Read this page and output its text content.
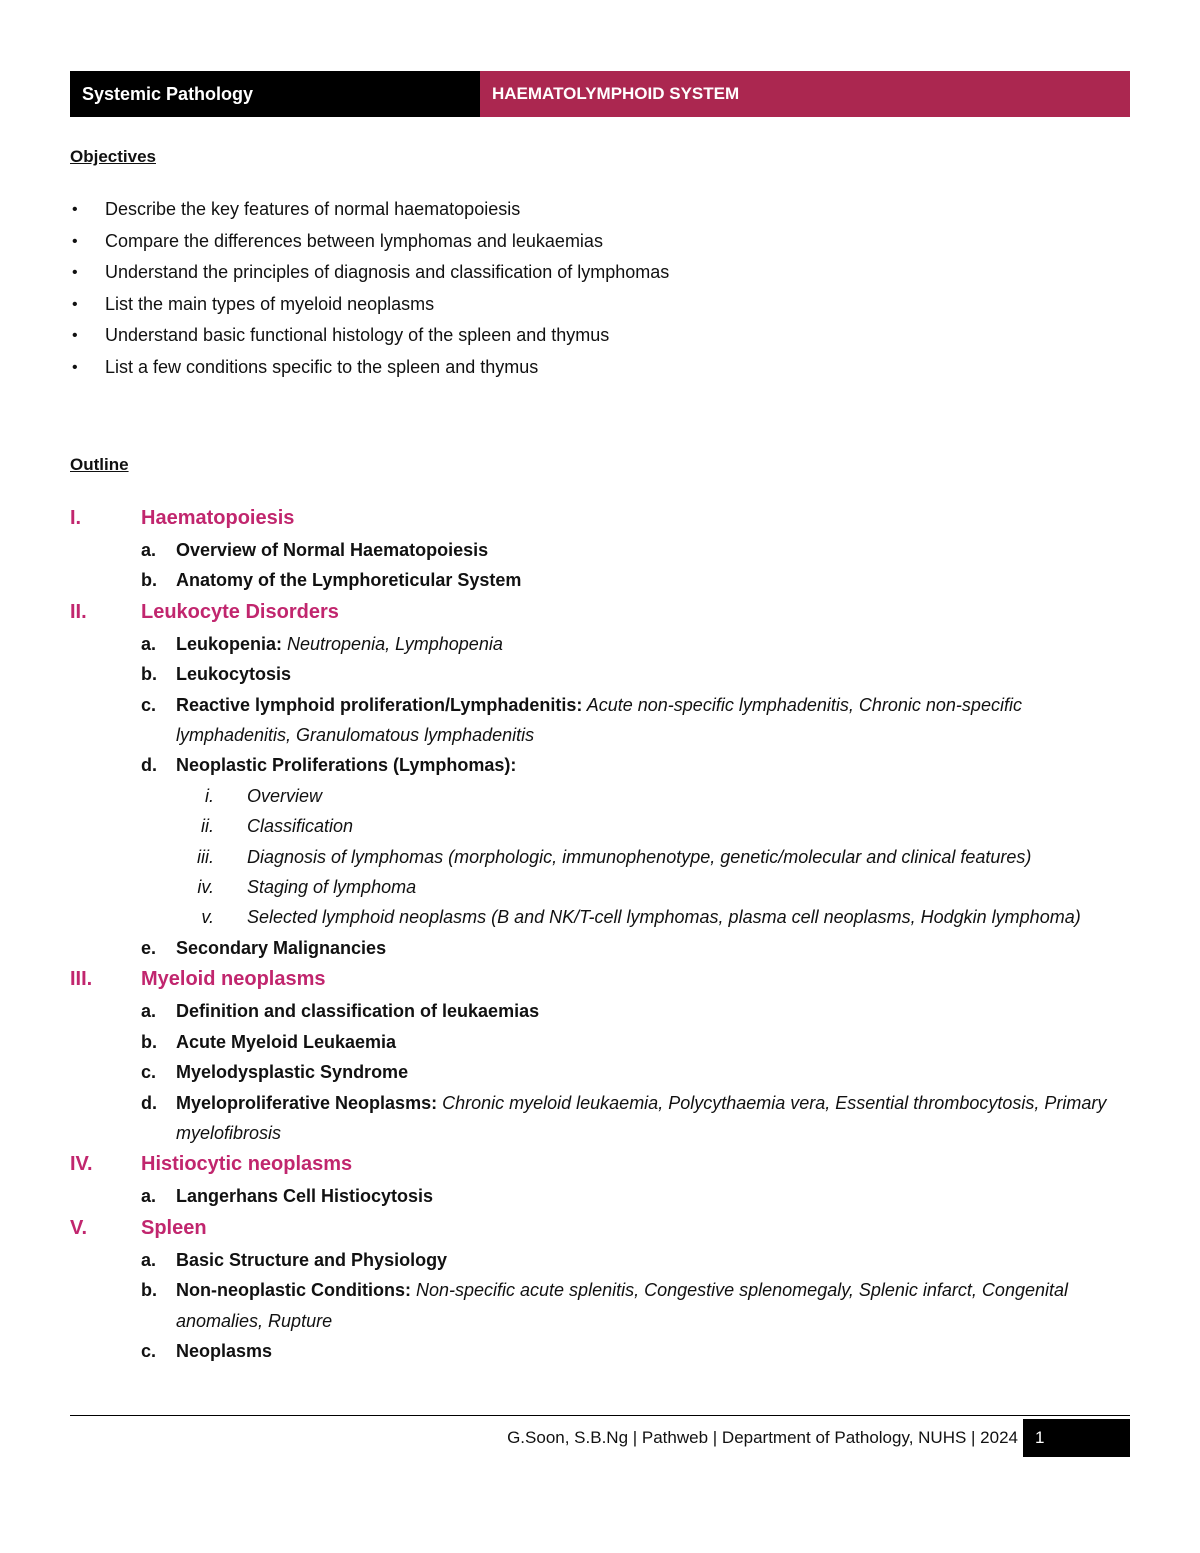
Systemic Pathology	HAEMATOLYMPHOID SYSTEM
Objectives
• Describe the key features of normal haematopoiesis
• Compare the differences between lymphomas and leukaemias
• Understand the principles of diagnosis and classification of lymphomas
• List the main types of myeloid neoplasms
• Understand basic functional histology of the spleen and thymus
• List a few conditions specific to the spleen and thymus
Outline
I.	Haematopoiesis
a. Overview of Normal Haematopoiesis
b. Anatomy of the Lymphoreticular System
II.	Leukocyte Disorders
a. Leukopenia: Neutropenia, Lymphopenia
b. Leukocytosis
c. Reactive lymphoid proliferation/Lymphadenitis: Acute non-specific lymphadenitis, Chronic non-specific lymphadenitis, Granulomatous lymphadenitis
d. Neoplastic Proliferations (Lymphomas):
i. Overview
ii. Classification
iii. Diagnosis of lymphomas (morphologic, immunophenotype, genetic/molecular and clinical features)
iv. Staging of lymphoma
v. Selected lymphoid neoplasms (B and NK/T-cell lymphomas, plasma cell neoplasms, Hodgkin lymphoma)
e. Secondary Malignancies
III. Myeloid neoplasms
a. Definition and classification of leukaemias
b. Acute Myeloid Leukaemia
c. Myelodysplastic Syndrome
d. Myeloproliferative Neoplasms: Chronic myeloid leukaemia, Polycythaemia vera, Essential thrombocytosis, Primary myelofibrosis
IV. Histiocytic neoplasms
a. Langerhans Cell Histiocytosis
V.	Spleen
a. Basic Structure and Physiology
b. Non-neoplastic Conditions: Non-specific acute splenitis, Congestive splenomegaly, Splenic infarct, Congenital anomalies, Rupture
c. Neoplasms
G.Soon, S.B.Ng | Pathweb | Department of Pathology, NUHS | 2024	1
